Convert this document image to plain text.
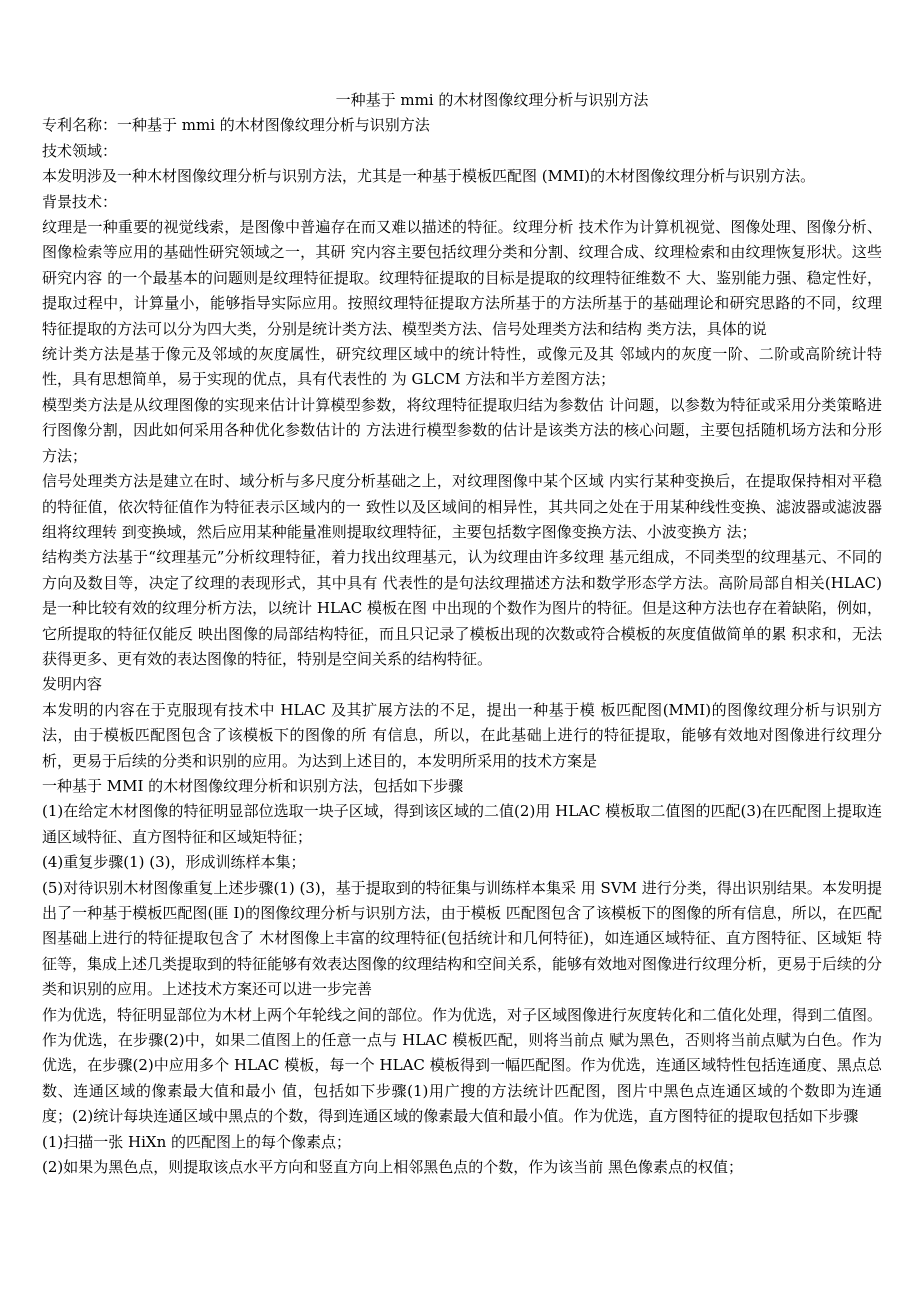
一种基于 mmi 的木材图像纹理分析与识别方法

专利名称：一种基于 mmi 的木材图像纹理分析与识别方法

技术领域：

本发明涉及一种木材图像纹理分析与识别方法，尤其是一种基于模板匹配图 (MMI)的木材图像纹理分析与识别方法。

背景技术：

纹理是一种重要的视觉线索，是图像中普遍存在而又难以描述的特征。纹理分析 技术作为计算机视觉、图像处理、图像分析、图像检索等应用的基础性研究领域之一，其研 究内容主要包括纹理分类和分割、纹理合成、纹理检索和由纹理恢复形状。这些研究内容 的一个最基本的问题则是纹理特征提取。纹理特征提取的目标是提取的纹理特征维数不 大、鉴别能力强、稳定性好，提取过程中，计算量小，能够指导实际应用。按照纹理特征提取方法所基于的方法所基于的基础理论和研究思路的不同，纹理 特征提取的方法可以分为四大类，分别是统计类方法、模型类方法、信号处理类方法和结构 类方法，具体的说

统计类方法是基于像元及邻域的灰度属性，研究纹理区域中的统计特性，或像元及其 邻域内的灰度一阶、二阶或高阶统计特性，具有思想简单，易于实现的优点，具有代表性的 为 GLCM 方法和半方差图方法；

模型类方法是从纹理图像的实现来估计计算模型参数，将纹理特征提取归结为参数估 计问题，以参数为特征或采用分类策略进行图像分割，因此如何采用各种优化参数估计的 方法进行模型参数的估计是该类方法的核心问题，主要包括随机场方法和分形方法；

信号处理类方法是建立在时、域分析与多尺度分析基础之上，对纹理图像中某个区域 内实行某种变换后，在提取保持相对平稳的特征值，依次特征值作为特征表示区域内的一 致性以及区域间的相异性，其共同之处在于用某种线性变换、滤波器或滤波器组将纹理转 到变换域，然后应用某种能量准则提取纹理特征，主要包括数字图像变换方法、小波变换方 法；

结构类方法基于“纹理基元”分析纹理特征，着力找出纹理基元，认为纹理由许多纹理 基元组成，不同类型的纹理基元、不同的方向及数目等，决定了纹理的表现形式，其中具有 代表性的是句法纹理描述方法和数学形态学方法。高阶局部自相关(HLAC)是一种比较有效的纹理分析方法，以统计 HLAC 模板在图 中出现的个数作为图片的特征。但是这种方法也存在着缺陷，例如，它所提取的特征仅能反 映出图像的局部结构特征，而且只记录了模板出现的次数或符合模板的灰度值做简单的累 积求和，无法获得更多、更有效的表达图像的特征，特别是空间关系的结构特征。

发明内容

本发明的内容在于克服现有技术中 HLAC 及其扩展方法的不足，提出一种基于模 板匹配图(MMI)的图像纹理分析与识别方法，由于模板匹配图包含了该模板下的图像的所 有信息，所以，在此基础上进行的特征提取，能够有效地对图像进行纹理分析，更易于后续的分类和识别的应用。为达到上述目的，本发明所采用的技术方案是

一种基于 MMI 的木材图像纹理分析和识别方法，包括如下步骤

(1)在给定木材图像的特征明显部位选取一块子区域，得到该区域的二值(2)用 HLAC 模板取二值图的匹配(3)在匹配图上提取连通区域特征、直方图特征和区域矩特征；

(4)重复步骤(1) (3)，形成训练样本集；

(5)对待识别木材图像重复上述步骤(1) (3)，基于提取到的特征集与训练样本集采 用 SVM 进行分类，得出识别结果。本发明提出了一种基于模板匹配图(匪 I)的图像纹理分析与识别方法，由于模板 匹配图包含了该模板下的图像的所有信息，所以，在匹配图基础上进行的特征提取包含了 木材图像上丰富的纹理特征(包括统计和几何特征)，如连通区域特征、直方图特征、区域矩 特征等，集成上述几类提取到的特征能够有效表达图像的纹理结构和空间关系，能够有效地对图像进行纹理分析，更易于后续的分类和识别的应用。上述技术方案还可以进一步完善

作为优选，特征明显部位为木材上两个年轮线之间的部位。作为优选，对子区域图像进行灰度转化和二值化处理，得到二值图。作为优选，在步骤(2)中，如果二值图上的任意一点与 HLAC 模板匹配，则将当前点 赋为黑色，否则将当前点赋为白色。作为优选，在步骤(2)中应用多个 HLAC 模板，每一个 HLAC 模板得到一幅匹配图。作为优选，连通区域特性包括连通度、黑点总数、连通区域的像素最大值和最小 值，包括如下步骤(1)用广搜的方法统计匹配图，图片中黑色点连通区域的个数即为连通 度；(2)统计每块连通区域中黑点的个数，得到连通区域的像素最大值和最小值。作为优选，直方图特征的提取包括如下步骤

(1)扫描一张 HiXn 的匹配图上的每个像素点；

(2)如果为黑色点，则提取该点水平方向和竖直方向上相邻黑色点的个数，作为该当前 黑色像素点的权值；
